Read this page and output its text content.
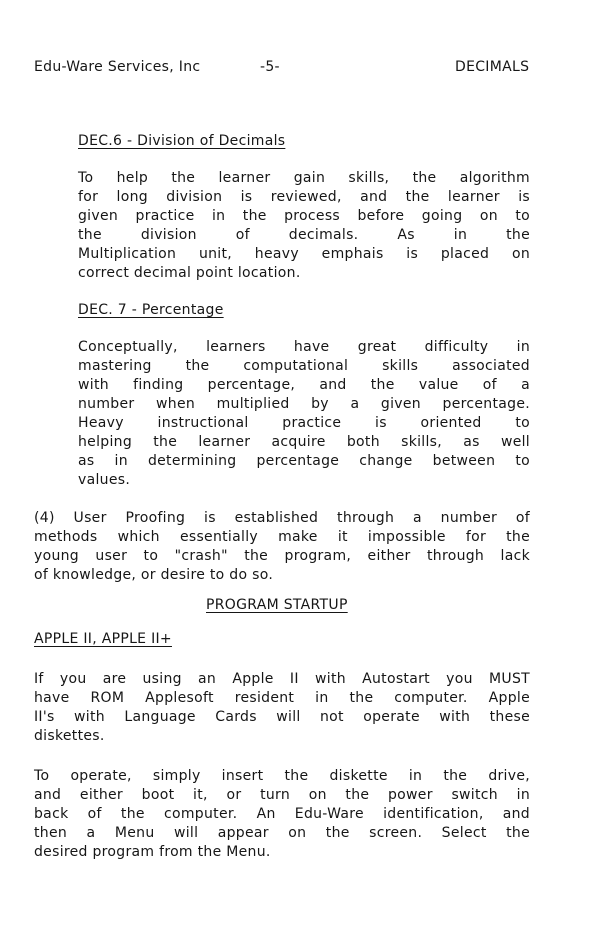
Edu-Ware Services, Inc	-5-	DECIMALS
DEC.6 - Division of Decimals
To help the learner gain skills, the algorithm
for long division is reviewed, and the learner is
given practice in the process before going on to
the division of decimals. As in the
Multiplication unit, heavy emphais is placed on
correct decimal point location.
DEC. 7 - Percentage
Conceptually, learners have great difficulty in
mastering the computational skills associated
with finding percentage, and the value of a
number when multiplied by a given percentage.
Heavy instructional practice is oriented to
helping the learner acquire both skills, as well
as in determining percentage change between to
values.
(4) User Proofing is established through a number of
methods which essentially make it impossible for the
young user to "crash" the program, either through lack
of knowledge, or desire to do so.
PROGRAM STARTUP
APPLE II, APPLE II+
If you are using an Apple II with Autostart you MUST
have ROM Applesoft resident in the computer. Apple
II's with Language Cards will not operate with these
diskettes.
To operate, simply insert the diskette in the drive,
and either boot it, or turn on the power switch in
back of the computer. An Edu-Ware identification, and
then a Menu will appear on the screen. Select the
desired program from the Menu.
